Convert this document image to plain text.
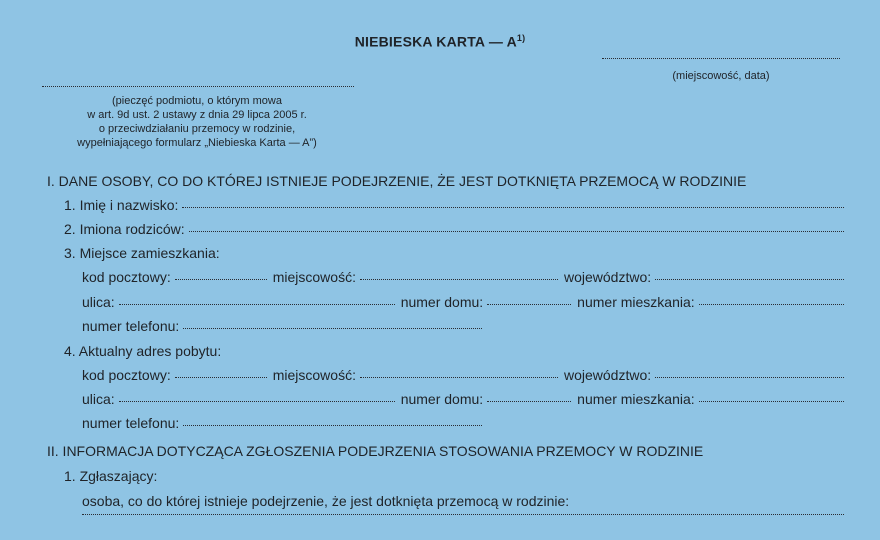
NIEBIESKA KARTA — $A^{1)}$
(miejscowość, data)
(pieczęć podmiotu, o którym mowa
w art. 9d ust. 2 ustawy z dnia 29 lipca 2005 r.
o przeciwdziałaniu przemocy w rodzinie,
wypełniającego formularz „Niebieska Karta — A”)
I. DANE OSOBY, CO DO KTÓREJ ISTNIEJE PODEJRZENIE, ŻE JEST DOTKNIĘTA PRZEMOCĄ W RODZINIE
1. Imię i nazwisko:
2. Imiona rodziców:
3. Miejsce zamieszkania:
kod pocztowy:	miejscowość:	województwo:
ulica:	numer domu:	numer mieszkania:
numer telefonu:
4. Aktualny adres pobytu:
kod pocztowy:	miejscowość:	województwo:
ulica:	numer domu:	numer mieszkania:
numer telefonu:
II. INFORMACJA DOTYCZĄCA ZGŁOSZENIA PODEJRZENIA STOSOWANIA PRZEMOCY W RODZINIE
1. Zgłaszający:
osoba, co do której istnieje podejrzenie, że jest dotknięta przemocą w rodzinie:
